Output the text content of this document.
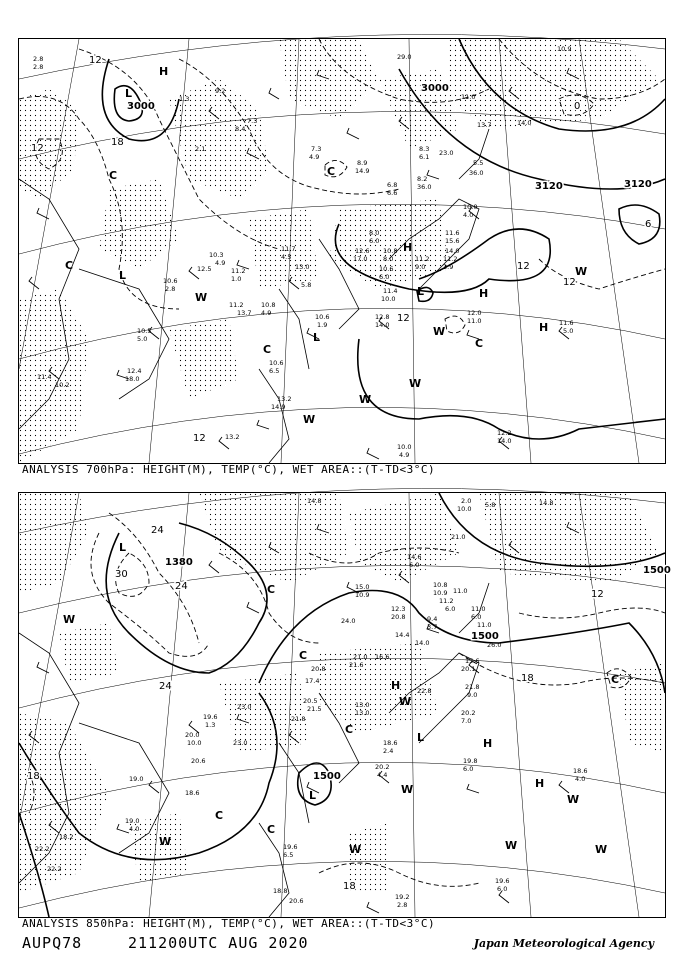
3000
3000
3120	3120
12
12
18
12
12
12
12
0
6
H
L
H
L	H
H
L
L
C	C
C
C	C
W
W
W
W
W
W
9.2
1.3
7.3
8.4
2.1	7.3
4.9
8.9
14.9
8.3
6.1 23.0
5.5
36.0
8.2
36.0
6.8
6.6
10.0
4.0
11.6
15.6
14.0
12.0
11.0	11.6
5.0
8.0
6.0
12.6
17.0
10.8
8.0
10.6
6.0
11.2
9.0
11.2
3.9
11.4
10.0
12.8
14.0
10.3
4.9
11.2
1.0
12.5
11.7
4.5
13.0
5.8
10.8
4.9
11.2
13.7	10.6
1.9
10.6
6.5
13.2
14.9
10.6
2.8
10.5
5.0
12.4
18.0
11.4
10.2
13.2
10.0
4.9
12.2
14.0
10.9
29.0
11.0
13.7	14.0
2.8
2.8
ANALYSIS 700hPa: HEIGHT(M), TEMP(°C), WET AREA::(T-TD<3°C)
1380
1500
1500
1500
24
30
24
24
12
18
18
18
L
L
L
H
H
H
C
C
C
C
C
C
W
W
W
W
W
W
W
W
14.8	2.0
10.0 5.8
21.0
14.6
6.0
10.8
10.9 11.0
11.2
6.0
15.0
10.9
12.3
20.8	9.4
3.7
14.4
14.0
24.0
11.0
6.0
11.0
26.0
15.6
20.1
21.8
9.0
20.2
7.0
22.8
19.8
6.0	18.6
4.0
18.6
2.4
20.2
4.4
21.0
21.6
16.6
20.8
17.4
20.5
21.5
21.8
13.0
13.0
23.0
23.0
19.6
1.3
20.0
10.0
20.6
19.0
18.6
19.6
6.5
19.6
6.0
19.2
2.8
18.8
20.6
18.2
22.2
22.2
19.0
4.0
14.8
ANALYSIS 850hPa: HEIGHT(M), TEMP(°C), WET AREA::(T-TD<3°C)
AUPQ78	211200UTC AUG 2020	Japan Meteorological Agency
